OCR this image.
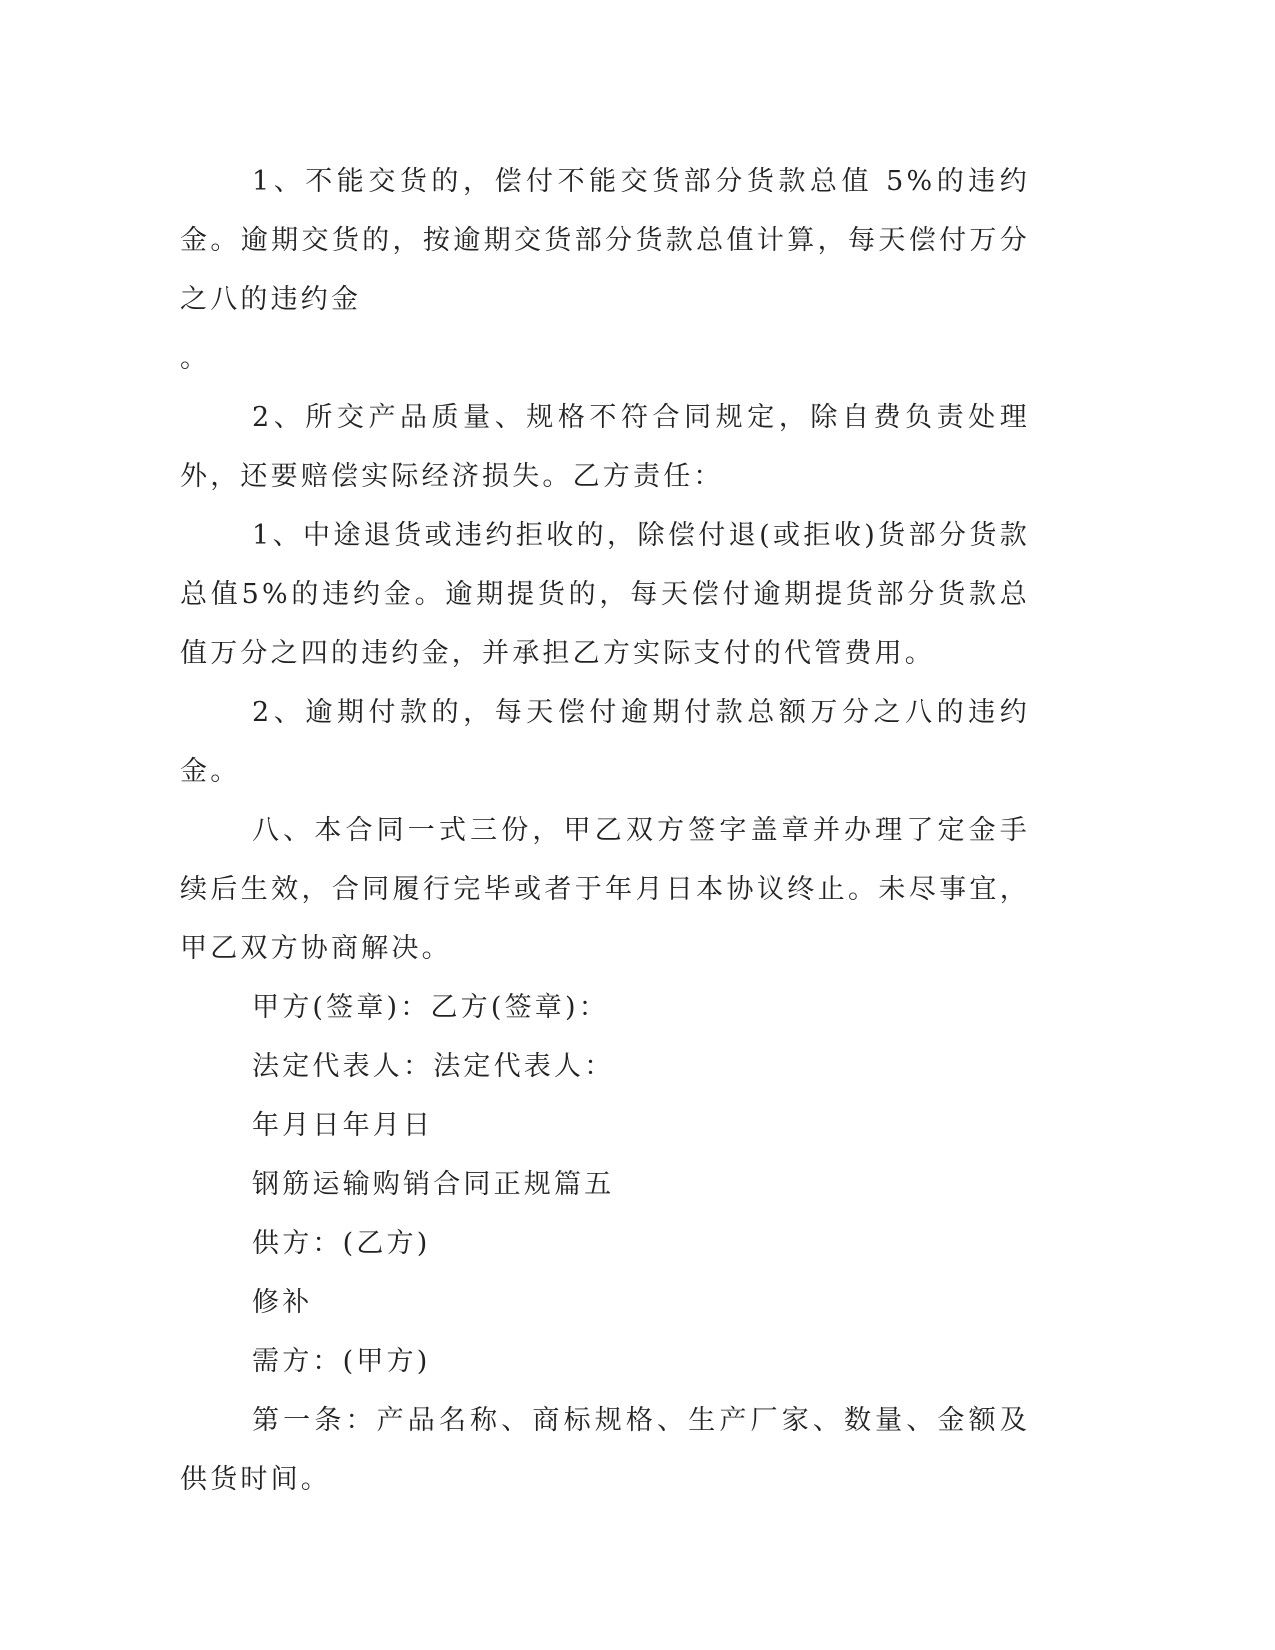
1、不能交货的，偿付不能交货部分货款总值 5%的违约金。逾期交货的，按逾期交货部分货款总值计算，每天偿付万分之八的违约金
。

2、所交产品质量、规格不符合同规定，除自费负责处理外，还要赔偿实际经济损失。乙方责任：

1、中途退货或违约拒收的，除偿付退(或拒收)货部分货款总值5%的违约金。逾期提货的，每天偿付逾期提货部分货款总值万分之四的违约金，并承担乙方实际支付的代管费用。

2、逾期付款的，每天偿付逾期付款总额万分之八的违约金。

八、本合同一式三份，甲乙双方签字盖章并办理了定金手续后生效，合同履行完毕或者于年月日本协议终止。未尽事宜，甲乙双方协商解决。

甲方(签章)：乙方(签章)：

法定代表人：法定代表人：

年月日年月日

钢筋运输购销合同正规篇五

供方：(乙方)

修补

需方：(甲方)

第一条：产品名称、商标规格、生产厂家、数量、金额及供货时间。
